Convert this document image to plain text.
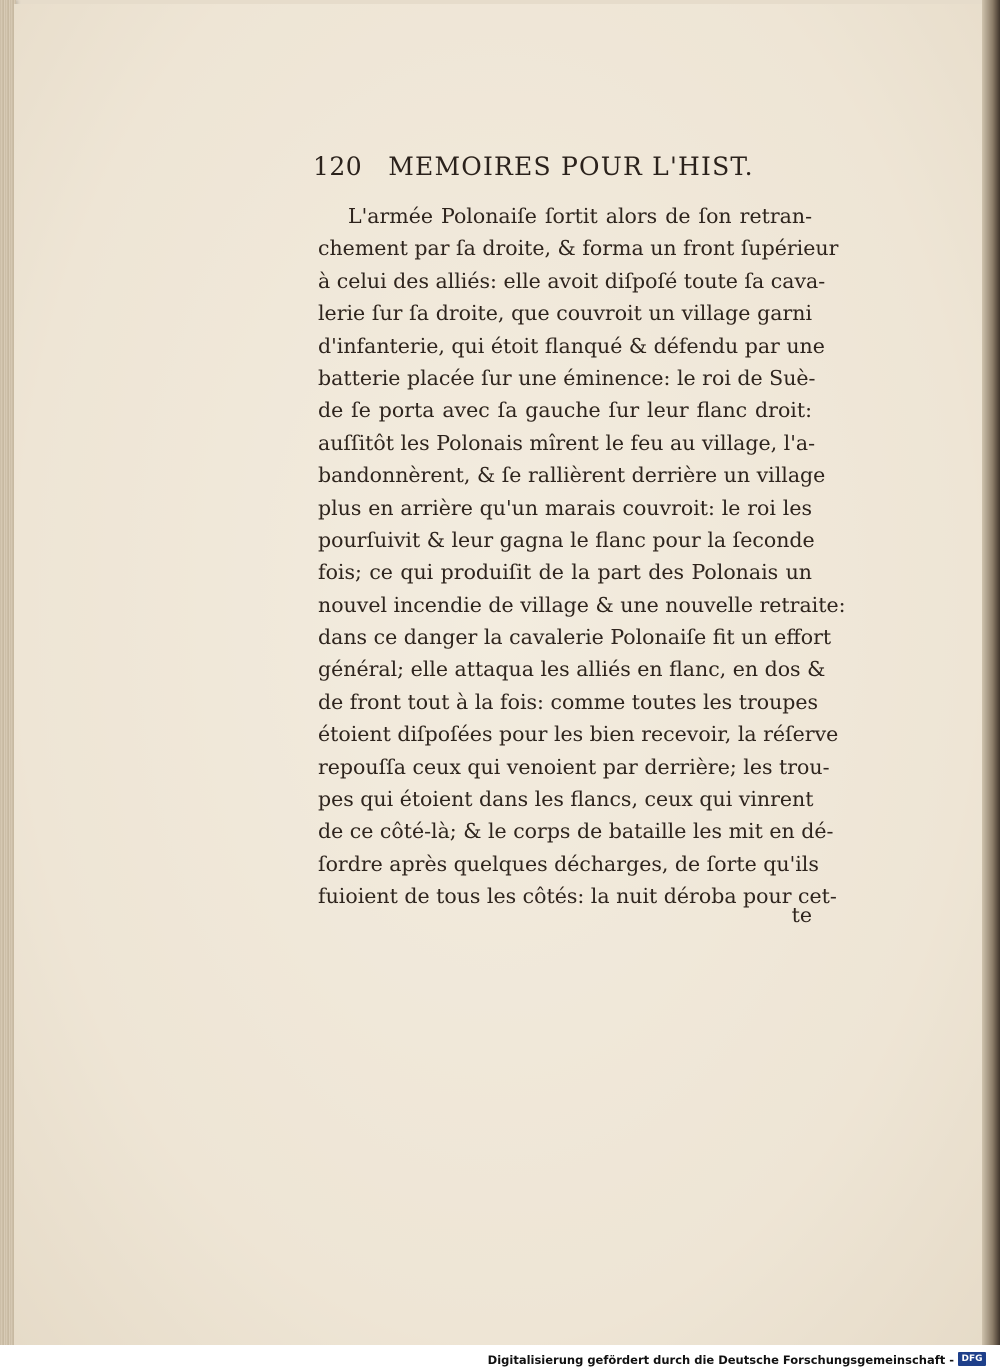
120 MEMOIRES POUR L'HIST.
L'armée Polonaiſe ſortit alors de ſon retran-
chement par ſa droite, & forma un front ſupérieur
à celui des alliés: elle avoit diſpoſé toute ſa cava-
lerie ſur ſa droite, que couvroit un village garni
d'infanterie, qui étoit flanqué & défendu par une
batterie placée ſur une éminence: le roi de Suè-
de ſe porta avec ſa gauche ſur leur flanc droit:
auſſitôt les Polonais mîrent le feu au village, l'a-
bandonnèrent, & ſe rallièrent derrière un village
plus en arrière qu'un marais couvroit: le roi les
pourſuivit & leur gagna le flanc pour la ſeconde
fois; ce qui produiſit de la part des Polonais un
nouvel incendie de village & une nouvelle retraite:
dans ce danger la cavalerie Polonaiſe fit un effort
général; elle attaqua les alliés en flanc, en dos &
de front tout à la fois: comme toutes les troupes
étoient diſpoſées pour les bien recevoir, la réſerve
repouſſa ceux qui venoient par derrière; les trou-
pes qui étoient dans les flancs, ceux qui vinrent
de ce côté-là; & le corps de bataille les mit en dé-
ſordre après quelques décharges, de ſorte qu'ils
fuioient de tous les côtés: la nuit déroba pour cet-
te
Digitalisierung gefördert durch die Deutsche Forschungsgemeinschaft - DFG
